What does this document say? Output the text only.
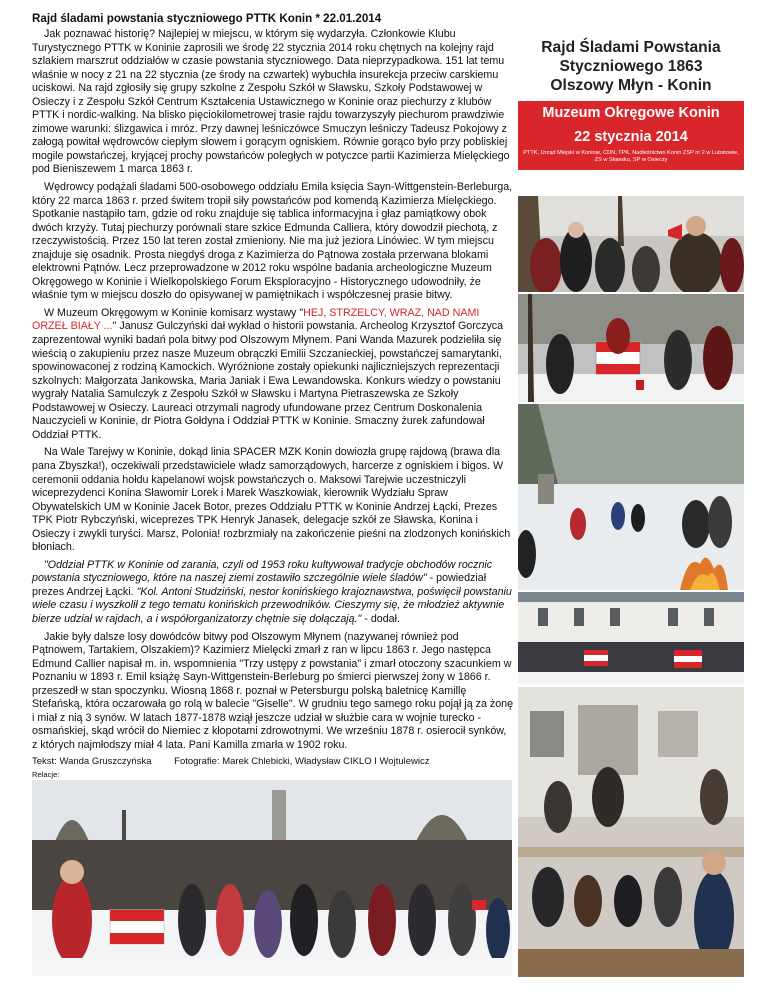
Rajd śladami powstania styczniowego PTTK Konin * 22.01.2014

Jak poznawać historię? Najlepiej w miejscu, w którym się wydarzyła. Członkowie Klubu Turystycznego PTTK w Koninie zaprosili we środę 22 stycznia 2014 roku chętnych na kolejny rajd szlakiem marszrut oddziałów w czasie powstania styczniowego. Data nieprzypadkowa. 151 lat temu właśnie w nocy z 21 na 22 stycznia (ze środy na czwartek) wybuchła insurekcja przeciw carskiemu uciskowi. Na rajd zgłosiły się grupy szkolne z Zespołu Szkół w Sławsku, Szkoły Podstawowej w Osieczy i z Zespołu Szkół Centrum Kształcenia Ustawicznego w Koninie oraz piechurzy z klubów PTTK i nordic-walking. Na blisko pięciokilometrowej trasie rajdu towarzyszyły piechurom prawdziwie zimowe warunki: ślizgawica i mróz. Przy dawnej leśniczówce Smuczyn leśniczy Tadeusz Pokojowy z załogą powitał wędrowców ciepłym słowem i gorącym ogniskiem. Równie gorąco było przy pobliskiej mogile powstańczej, kryjącej prochy powstańców poległych w potyczce partii Kazimierza Mielęckiego pod Bieniszewem 1 marca 1863 r.

Wędrowcy podążali śladami 500-osobowego oddziału Emila księcia Sayn-Wittgenstein-Berleburga, który 22 marca 1863 r. przed świtem tropił siły powstańców pod komendą Kazimierza Mielęckiego. Spotkanie nastąpiło tam, gdzie od roku znajduje się tablica informacyjna i głaz pamiątkowy obok dwóch krzyży. Tutaj piechurzy porównali stare szkice Edmunda Calliera, który dowodził piechotą, z rzeczywistością. Przez 150 lat teren został zmieniony. Nie ma już jeziora Linówiec. W tym miejscu znajduje się osadnik. Prosta niegdyś droga z Kazimierza do Pątnowa została przerwana blokami elektrowni Pątnów. Lecz przeprowadzone w 2012 roku wspólne badania archeologiczne Muzeum Okręgowego w Koninie i Wielkopolskiego Forum Eksploracyjno - Historycznego udowodniły, że właśnie tym w miejscu doszło do opisywanej w pamiętnikach i współczesnej prasie bitwy.

W Muzeum Okręgowym w Koninie komisarz wystawy "HEJ, STRZELCY, WRAZ, NAD NAMI ORZEŁ BIAŁY ..." Janusz Gulczyński dał wykład o historii powstania. Archeolog Krzysztof Gorczyca zaprezentował wyniki badań pola bitwy pod Olszowym Młynem. Pani Wanda Mazurek podzieliła się wieścią o zakupieniu przez nasze Muzeum obrączki Emilii Szczanieckiej, powstańczej samarytanki, spowinowaconej z rodziną Kamockich. Wyróżnione zostały opiekunki najliczniejszych reprezentacji szkolnych: Małgorzata Jankowska, Maria Janiak i Ewa Lewandowska. Konkurs wiedzy o powstaniu wygrały Natalia Samulczyk z Zespołu Szkół w Sławsku i Martyna Pietraszewska ze Szkoły Podstawowej w Osieczy. Laureaci otrzymali nagrody ufundowane przez Centrum Doskonalenia Nauczycieli w Koninie, dr Piotra Gołdyna i Oddział PTTK w Koninie. Smaczny żurek zafundował Oddział PTTK.

Na Wale Tarejwy w Koninie, dokąd linia SPACER MZK Konin dowiozła grupę rajdową (brawa dla pana Zbyszka!), oczekiwali przedstawiciele władz samorządowych, harcerze z ogniskiem i bigos. W ceremonii oddania hołdu kapelanowi wojsk powstańczych o. Maksowi Tarejwie uczestniczyli wiceprezydenci Konina Sławomir Lorek i Marek Waszkowiak, kierownik Wydziału Spraw Obywatelskich UM w Koninie Jacek Botor, prezes Oddziału PTTK w Koninie Andrzej Łącki, Prezes TPK Piotr Rybczyński, wiceprezes TPK Henryk Janasek, delegacje szkół ze Sławska, Konina i Osieczy i zwykli turyści. Marsz, Polonia! rozbrzmiały na zakończenie pieśni na zlodzonych konińskich błoniach.

"Oddział PTTK w Koninie od zarania, czyli od 1953 roku kultywował tradycje obchodów rocznic powstania styczniowego, które na naszej ziemi zostawiło szczególnie wiele śladów" - powiedział prezes Andrzej Łącki. "Kol. Antoni Studziński, nestor konińskiego krajoznawstwa, poświęcił powstaniu wiele czasu i wyszkolił z tego tematu konińskich przewodników. Cieszymy się, że młodzież aktywnie bierze udział w rajdach, a i współorganizatorzy chętnie się dołączają." - dodał.

Jakie były dalsze losy dowódców bitwy pod Olszowym Młynem (nazywanej również pod Pątnowem, Tartakiem, Olszakiem)? Kazimierz Mielęcki zmarł z ran w lipcu 1863 r. Jego następca Edmund Callier napisał m. in. wspomnienia "Trzy ustępy z powstania" i zmarł otoczony szacunkiem w Poznaniu w 1893 r. Emil książę Sayn-Wittgenstein-Berleburg po śmierci pierwszej żony w 1866 r. przeszedł w stan spoczynku. Wiosną 1868 r. poznał w Petersburgu polską baletnicę Kamillę Stefańską, która oczarowała go rolą w balecie "Giselle". W grudniu tego samego roku pojął ją za żonę i miał z nią 3 synów. W latach 1877-1878 wziął jeszcze udział w służbie cara w wojnie turecko - osmańskiej, skąd wrócił do Niemiec z kłopotami zdrowotnymi. We wrześniu 1878 r. osierocił synków, z których najmłodszy miał 4 lata. Pani Kamilla zmarła w 1902 roku.

Tekst: Wanda Gruszczyńska Fotografie: Marek Chlebicki, Władysław CIKLO I Wojtulewicz
Relacje:
Rajd Śladami Powstania
Styczniowego 1863
Olszowy Młyn - Konin
Muzeum Okręgowe Konin
22 stycznia 2014
PTTK, Urząd Miejski w Koninie, CDN, TPK, Nadleśnictwo Konin ZSP nr 2 w Lubstowie, ZS w Sławsku, SP w Osieczy
